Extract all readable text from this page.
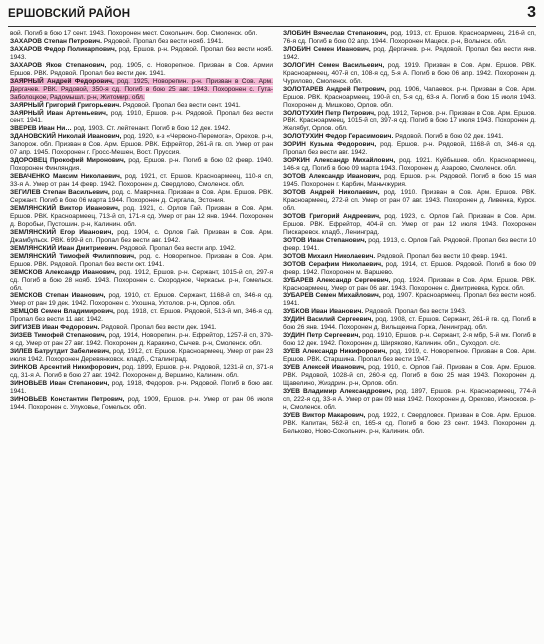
ЕРШОВСКИЙ РАЙОН	3

вой. Погиб в бою 17 сент. 1943. Похоронен мест. Сокольнич. бор. Смоленск. обл.

ЗАХАРОВ Степан Петрович. Рядовой. Пропал без вести нояб. 1941.

ЗАХАРОВ Федор Поликарпович, род. Ершов. р-н. Рядовой. Пропал без вести нояб. 1943.

ЗАХАРОВ Яков Степанович, род. 1905, с. Новорепное. Призван в Сов. Армии Ершов. РВК. Рядовой. Пропал без вести дек. 1941.

ЗАЯРНЫЙ Андрей Федорович, род. 1925, Новорепин. р-н. Призван в Сов. Арм. Дергачев. РВК. Рядовой, 350-я сд. Погиб в бою 25 авг. 1943. Похоронен с. Гута-Заболоцкое, Радомышл. р-н, Житомир. обл.

ЗАЯРНЫЙ Григорий Григорьевич. Рядовой. Пропал без вести сент. 1941.

ЗАЯРНЫЙ Иван Артемьевич, род. 1910, Ершов. р-н. Рядовой. Пропал без вести сент. 1941.

ЗВЕРЕВ Иван Ни… род. 1903. Ст. лейтенант. Погиб в бою 12 дек. 1942.

ЗДАНОВСКИЙ Николай Иванович, род. 1920, к-з «Червоно-Перемога», Орехов. р-н, Запорож. обл. Призван в Сов. Арм. Ершов. РВК. Ефрейтор, 261-й гв. сп. Умер от ран 07 апр. 1945. Похоронен г. Гросс-Мешен, Вост. Пруссия.

ЗДОРОВЕЦ Прокофий Миронович, род. Ершов. р-н. Погиб в бою 02 февр. 1940. Похоронен Финляндия.

ЗЕВАЧЕНКО Максим Николаевич, род. 1921, ст. Ершов. Красноармеец, 110-я сп, 33-я А. Умер от ран 14 февр. 1942. Похоронен д. Свердлово, Смоленск. обл.

ЗЕГИЛЕВ Степан Васильевич, род. с. Маврчнка. Призван в Сов. Арм. Ершов. РВК. Сержант. Погиб в бою 06 марта 1944. Похоронен д. Сиргала, Эстония.

ЗЕМЛЯНСКИЙ Виктор Иванович, род. 1921, с. Орлов Гай. Призван в Сов. Арм. Ершов. РВК. Красноармеец, 713-й сп, 171-я сд. Умер от ран 12 янв. 1944. Похоронен д. Воробьи, Пустошин. р-н, Калинин. обл.

ЗЕМЛЯНСКИЙ Егор Иванович, род. 1904, с. Орлов Гай. Призван в Сов. Арм. Джамбульск. РВК. 699-й сп. Пропал без вести авг. 1942.

ЗЕМЛЯНСКИЙ Иван Дмитриевич. Рядовой. Пропал без вести апр. 1942.

ЗЕМЛЯНСКИЙ Тимофей Филиппович, род. с. Новорепное. Призван в Сов. Арм. Ершов. РВК. Рядовой. Пропал без вести окт. 1941.

ЗЕМСКОВ Александр Иванович, род. 1912, Ершов. р-н. Сержант, 1015-й сп, 297-я сд. Погиб в бою 28 нояб. 1943. Похоронен с. Скородное, Черкаськ. р-н, Гомельск. обл.

ЗЕМСКОВ Степан Иванович, род. 1910, ст. Ершов. Сержант, 1168-й сп, 346-я сд. Умер от ран 19 дек. 1942. Похоронен с. Ухошна, Ухтолов. р-н, Орлов. обл.

ЗЕМЦОВ Семен Владимирович, род. 1918, ст. Ершов. Рядовой, 513-й мп, 346-я сд. Пропал без вести 11 авг. 1942.

ЗИГИЗЕВ Иван Федорович. Рядовой. Пропал без вести дек. 1941.

ЗИЗЕВ Тимофей Степанович, род. 1914, Новорепин. р-н. Ефрейтор, 1257-й сп, 379-я сд. Умер от ран 27 авг. 1942. Похоронен д. Каракино, Сычев. р-н, Смоленск. обл.

ЗИЛЕВ Батрутдит Забелиевич, род. 1912, ст. Ершов. Красноармеец. Умер от ран 23 июля 1942. Похоронен Деревянковск. кладб., Сталинград.

ЗИНКОВ Арсентий Никифорович, род. 1899, Ершов. р-н. Рядовой, 1231-й сп, 371-я сд, 31-я А. Погиб в бою 27 авг. 1942. Похоронен д. Вершино, Калинин. обл.

ЗИНОВЬЕВ Иван Степанович, род. 1918, Федоров. р-н. Рядовой. Погиб в бою авг. 1941.

ЗИНОВЬЕВ Константин Петрович, род. 1909, Ершов. р-н. Умер от ран 06 июля 1944. Похоронен с. Улуковье, Гомельск. обл.

ЗЛОБИН Вячеслав Степанович, род. 1913, ст. Ершов. Красноармеец, 216-й сп, 76-я сд. Погиб в бою 02 апр. 1944. Похоронен Мацеск. р-н, Волынск. обл.

ЗЛОБИН Семен Иванович, род. Дергачев. р-н. Рядовой. Пропал без вести янв. 1942.

ЗОЛОГИН Семен Васильевич, род. 1919. Призван в Сов. Арм. Ершов. РВК. Красноармеец, 407-й сп, 108-я сд, 5-я А. Погиб в бою 06 апр. 1942. Похоронен д. Чурилово, Смоленск. обл.

ЗОЛОТАРЕВ Андрей Петрович, род. 1906, Чапаевск. р-н. Призван в Сов. Арм. Ершов. РВК. Красноармеец, 190-й сп, 5-я сд, 63-я А. Погиб в бою 15 июля 1943. Похоронен д. Мишково, Орлов. обл.

ЗОЛОТУХИН Петр Петрович, род. 1912, Тернов. р-н. Призван в Сов. Арм. Ершов. РВК. Красноармеец, 1015-й сп, 397-я сд. Погиб в бою 17 июля 1943. Похоронен д. Желябуг, Орлов. обл.

ЗОЛОТУХИН Федор Герасимович. Рядовой. Погиб в бою 02 дек. 1941.

ЗОРИН Кузьма Федорович, род. Ершов. р-н. Рядовой, 1168-й сп, 346-я сд. Пропал без вести авг. 1942.

ЗОРКИН Александр Михайлович, род. 1921. Куйбышев. обл. Красноармеец, 146-я сд. Погиб в бою 09 марта 1943. Похоронен д. Азарово, Смоленск. обл.

ЗОТОВ Александр Иванович, род. Ершов. р-н. Рядовой. Погиб в бою 15 мая 1945. Похоронен г. Карбин, Маньчжурия.

ЗОТОВ Андрей Николаевич, род. 1910. Призван в Сов. Арм. Ершов. РВК. Красноармеец, 272-й сп. Умер от ран 07 авг. 1943. Похоронен д. Ливенка, Курск. обл.

ЗОТОВ Григорий Андреевич, род. 1923, с. Орлов Гай. Призван в Сов. Арм. Ершов. РВК. Ефрейтор, 404-й сп. Умер от ран 12 июля 1943. Похоронен Пискаревск. кладб., Ленинград.

ЗОТОВ Иван Степанович, род. 1913, с. Орлов Гай. Рядовой. Пропал без вести 10 февр. 1941.

ЗОТОВ Михаил Николаевич. Рядовой. Пропал без вести 10 февр. 1941.

ЗОТОВ Серафим Николаевич, род. 1914, ст. Ершов. Рядовой. Погиб в бою 09 февр. 1942. Похоронен м. Варшево.

ЗУБАРЕВ Александр Сергеевич, род. 1924. Призван в Сов. Арм. Ершов. РВК. Красноармеец. Умер от ран 06 авг. 1943. Похоронен с. Дмитриевка, Курск. обл.

ЗУБАРЕВ Семен Михайлович, род. 1907. Красноармеец. Пропал без вести нояб. 1941.

ЗУБКОВ Иван Иванович. Рядовой. Пропал без вести 1943.

ЗУДИН Василий Сергеевич, род. 1908, ст. Ершов. Сержант, 261-й гв. сд. Погиб в бою 26 янв. 1944. Похоронен д. Вильщеина Горка, Ленинград. обл.

ЗУДИН Петр Сергеевич, род. 1910, Ершов. р-н. Сержант, 2-я мбр, 5-й мк. Погиб в бою 12 дек. 1942. Похоронен д. Ширяково, Калинин. обл., Суходол. с/с.

ЗУЕВ Александр Никифорович, род. 1919, с. Новорепное. Призван в Сов. Арм. Ершов. РВК. Старшина. Пропал без вести 1947.

ЗУЕВ Алексей Иванович, род. 1910, с. Орлов Гай. Призван в Сов. Арм. Ершов. РВК. Рядовой, 1028-й сп, 260-я сд. Погиб в бою 25 мая 1943. Похоронен д. Щавелино, Жиздрин. р-н, Орлов. обл.

ЗУЕВ Владимир Александрович, род. 1897, Ершов. р-н. Красноармеец, 774-й сп, 222-я сд, 33-я А. Умер от ран 09 мая 1942. Похоронен д. Орехово, Износков. р-н, Смоленск. обл.

ЗУЕВ Виктор Макарович, род. 1922, г. Свердловск. Призван в Сов. Арм. Ершов. РВК. Капитан, 562-й сп, 165-я сд. Погиб в бою 23 сент. 1943. Похоронен д. Бельково, Ново-Сокольнич. р-н, Калинин. обл.
